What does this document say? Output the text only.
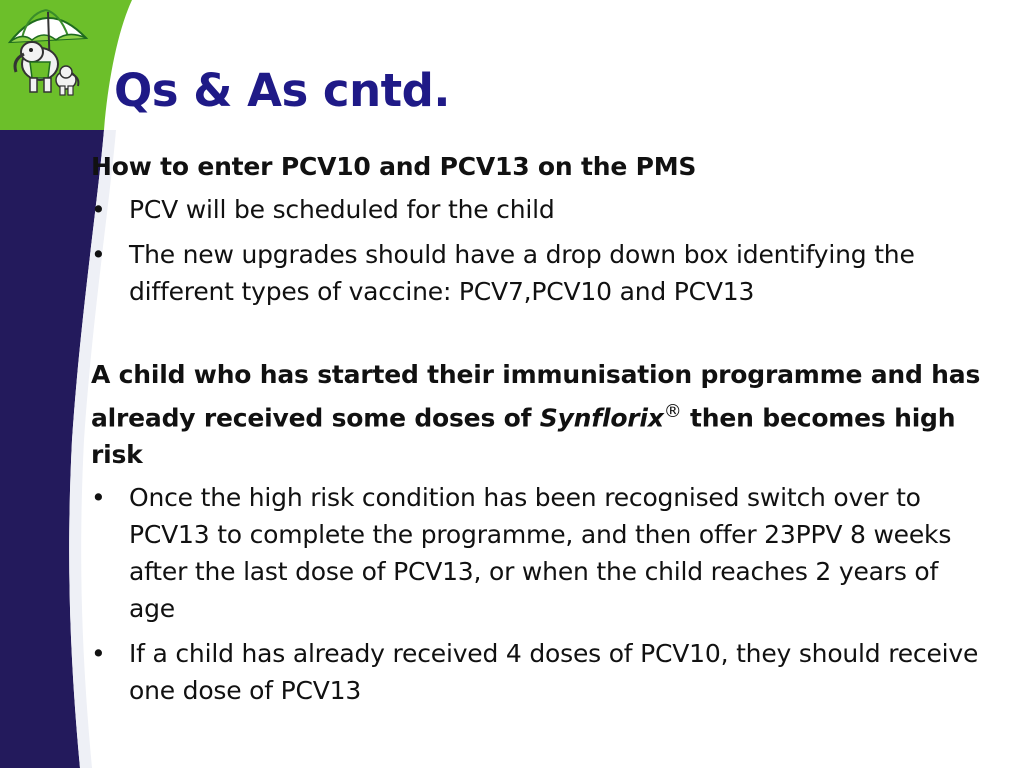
Qs & As cntd.

How to enter PCV10 and PCV13 on the PMS

• PCV will be scheduled for the child
• The new upgrades should have a drop down box identifying the different types of vaccine: PCV7,PCV10 and PCV13

A child who has started their immunisation programme and has already received some doses of Synflorix® then becomes high risk

• Once the high risk condition has been recognised switch over to PCV13 to complete the programme, and then offer 23PPV 8 weeks after the last dose of PCV13, or when the child reaches 2 years of age
• If a child has already received 4 doses of PCV10, they should receive one dose of PCV13
